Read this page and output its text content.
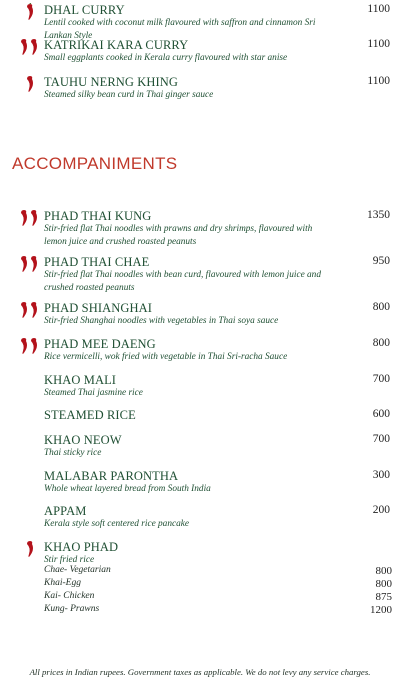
DHAL CURRY	1100
Lentil cooked with coconut milk flavoured with saffron and cinnamon Sri Lankan Style
KATRIKAI KARA CURRY	1100
Small eggplants cooked in Kerala curry flavoured with star anise
TAUHU NERNG KHING	1100
Steamed silky bean curd in Thai ginger sauce
ACCOMPANIMENTS
PHAD THAI KUNG	1350
Stir-fried flat Thai noodles with prawns and dry shrimps, flavoured with lemon juice and crushed roasted peanuts
PHAD THAI CHAE	950
Stir-fried flat Thai noodles with bean curd, flavoured with lemon juice and crushed roasted peanuts
PHAD SHIANGHAI	800
Stir-fried Shanghai noodles with vegetables in Thai soya sauce
PHAD MEE DAENG	800
Rice vermicelli, wok fried with vegetable in Thai Sri-racha Sauce
KHAO MALI	700
Steamed Thai jasmine rice
STEAMED RICE	600
KHAO NEOW	700
Thai sticky rice
MALABAR PARONTHA	300
Whole wheat layered bread from South India
APPAM	200
Kerala style soft centered rice pancake
KHAO PHAD
Stir fried rice
Chae- Vegetarian	800
Khai-Egg	800
Kai- Chicken	875
Kung- Prawns	1200
All prices in Indian rupees. Government taxes as applicable. We do not levy any service charges.
